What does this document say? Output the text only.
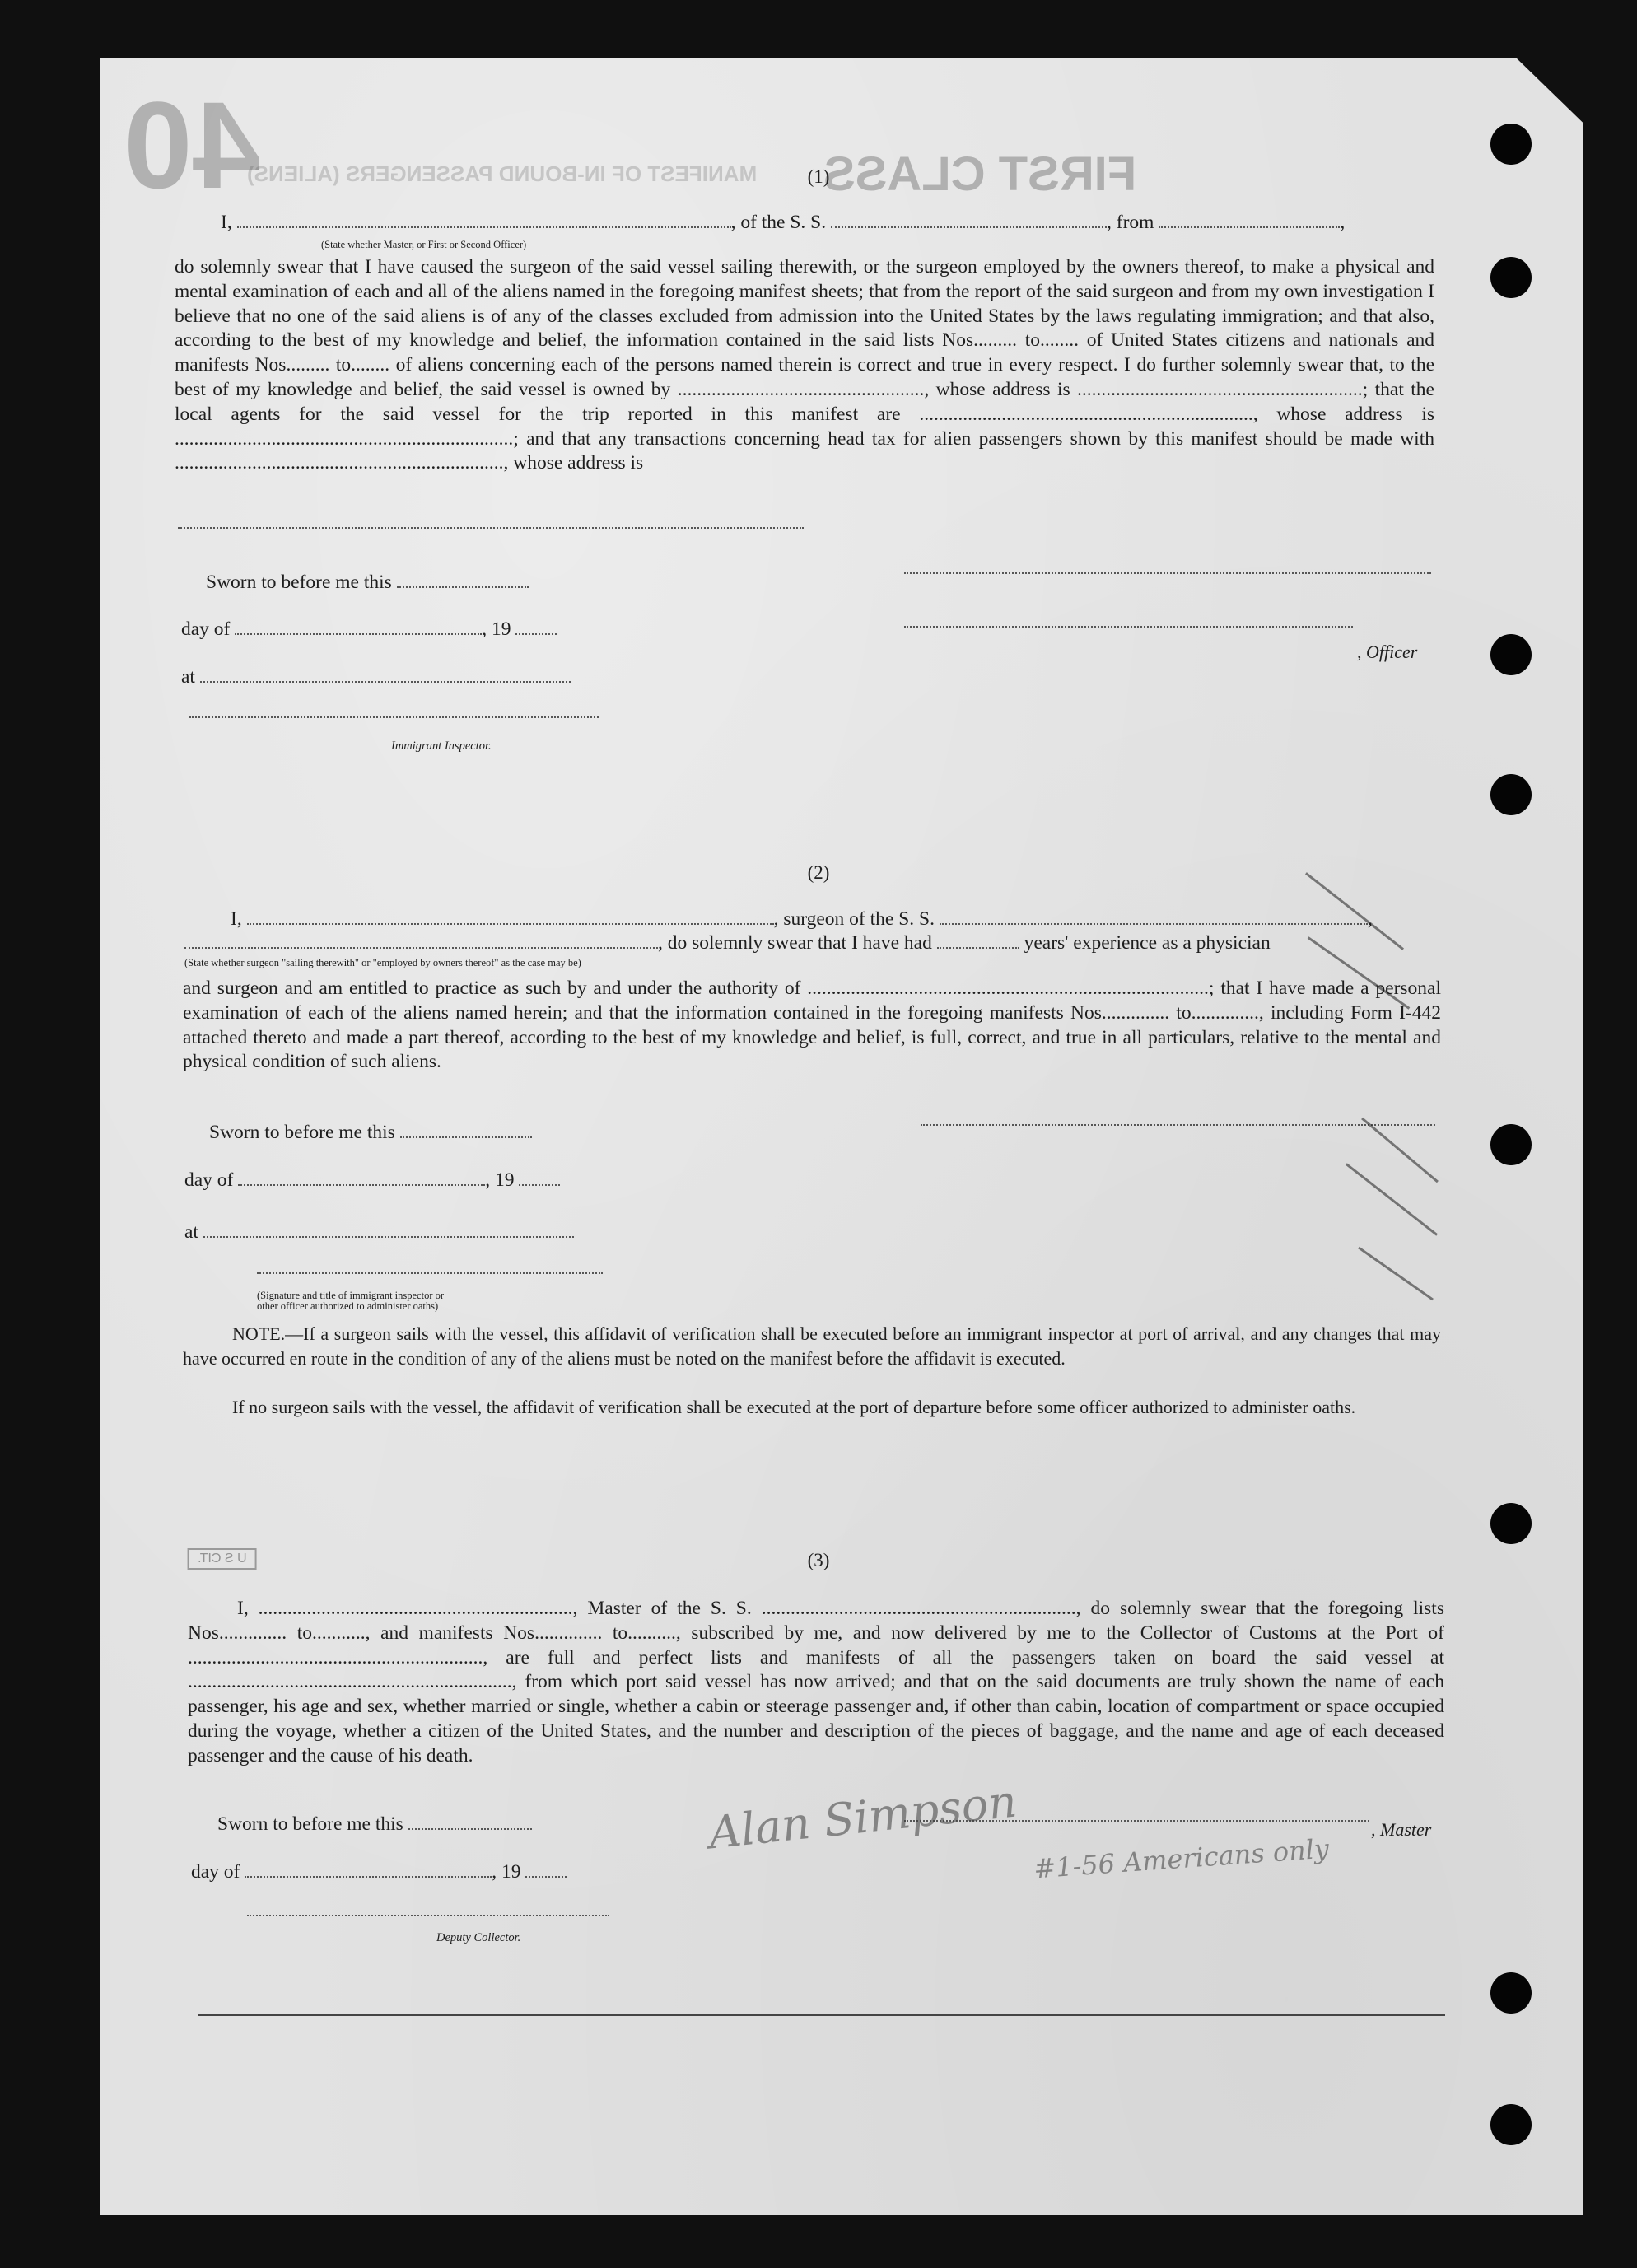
40
MANIFEST OF IN-BOUND PASSENGERS (ALIENS) FIRST CLASS
(1)
I,	, of the S. S.	, from	,
(State whether Master, or First or Second Officer)
do solemnly swear that I have caused the surgeon of the said vessel sailing therewith, or the surgeon employed by the owners thereof, to make a physical and mental examination of each and all of the aliens named in the foregoing manifest sheets; that from the report of the said surgeon and from my own investigation I believe that no one of the said aliens is of any of the classes excluded from admission into the United States by the laws regulating immigration; and that also, according to the best of my knowledge and belief, the information contained in the said lists Nos......... to........ of United States citizens and nationals and manifests Nos......... to........ of aliens concerning each of the persons named therein is correct and true in every respect. I do further solemnly swear that, to the best of my knowledge and belief, the said vessel is owned by ..................................................., whose address is ...........................................................; that the local agents for the said vessel for the trip reported in this manifest are ....................................................................., whose address is ......................................................................; and that any transactions concerning head tax for alien passengers shown by this manifest should be made with ...................................................................., whose address is
Sworn to before me this
day of	, 19
, Officer
at
Immigrant Inspector.
(2)
I,	, surgeon of the S. S.	,
, do solemnly swear that I have had	years' experience as a physician
(State whether surgeon "sailing therewith" or "employed by owners thereof" as the case may be)
and surgeon and am entitled to practice as such by and under the authority of ...................................................................................; that I have made a personal examination of each of the aliens named herein; and that the information contained in the foregoing manifests Nos.............. to.............., including Form I-442 attached thereto and made a part thereof, according to the best of my knowledge and belief, is full, correct, and true in all particulars, relative to the mental and physical condition of such aliens.
Sworn to before me this
day of	, 19
at
(Signature and title of immigrant inspector or
other officer authorized to administer oaths)
NOTE.—If a surgeon sails with the vessel, this affidavit of verification shall be executed before an immigrant inspector at port of arrival, and any changes that may have occurred en route in the condition of any of the aliens must be noted on the manifest before the affidavit is executed.
If no surgeon sails with the vessel, the affidavit of verification shall be executed at the port of departure before some officer authorized to administer oaths.
U S CIT.	(3)
I, ................................................................., Master of the S. S. ................................................................., do solemnly swear that the foregoing lists Nos.............. to..........., and manifests Nos.............. to.........., subscribed by me, and now delivered by me to the Collector of Customs at the Port of ............................................................., are full and perfect lists and manifests of all the passengers taken on board the said vessel at ..................................................................., from which port said vessel has now arrived; and that on the said documents are truly shown the name of each passenger, his age and sex, whether married or single, whether a cabin or steerage passenger and, if other than cabin, location of compartment or space occupied during the voyage, whether a citizen of the United States, and the number and description of the pieces of baggage, and the name and age of each deceased passenger and the cause of his death.
Sworn to before me this	, Master
day of	, 19
Deputy Collector.
Alan Simpson #1-56 Americans only
